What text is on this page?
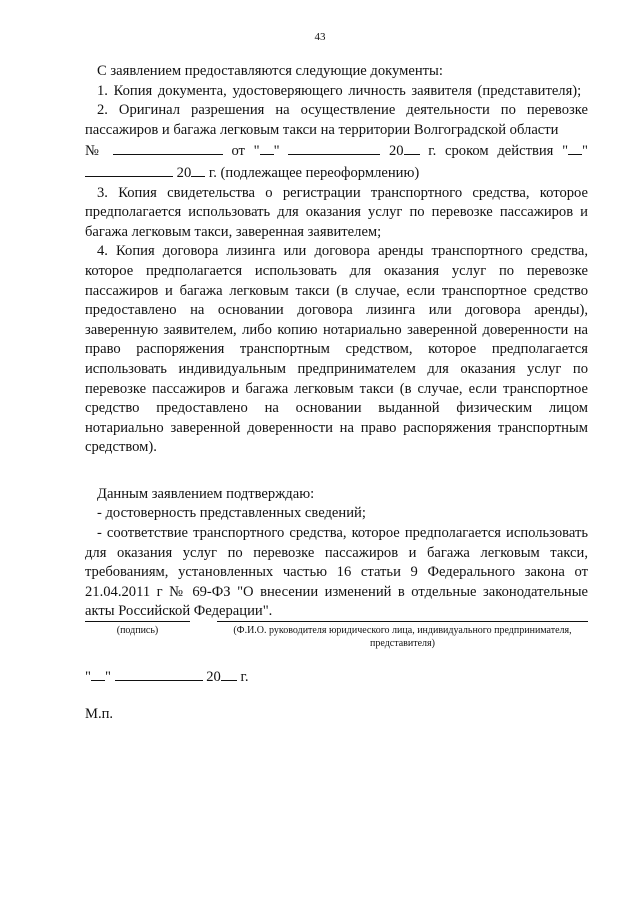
43

С заявлением предоставляются следующие документы:

1. Копия документа, удостоверяющего личность заявителя (представителя);

2. Оригинал разрешения на осуществление деятельности по перевозке пассажиров и багажа легковым такси на территории Волгоградской области

№	от " "	20 г. сроком действия " "

20 г. (подлежащее переоформлению)

3. Копия свидетельства о регистрации транспортного средства, которое предполагается использовать для оказания услуг по перевозке пассажиров и багажа легковым такси, заверенная заявителем;

4. Копия договора лизинга или договора аренды транспортного средства, которое предполагается использовать для оказания услуг по перевозке пассажиров и багажа легковым такси (в случае, если транспортное средство предоставлено на основании договора лизинга или договора аренды), заверенную заявителем, либо копию нотариально заверенной доверенности на право распоряжения транспортным средством, которое предполагается использовать индивидуальным предпринимателем для оказания услуг по перевозке пассажиров и багажа легковым такси (в случае, если транспортное средство предоставлено на основании выданной физическим лицом нотариально заверенной доверенности на право распоряжения транспортным средством).

Данным заявлением подтверждаю:

- достоверность представленных сведений;

- соответствие транспортного средства, которое предполагается использовать для оказания услуг по перевозке пассажиров и багажа легковым такси, требованиям, установленных частью 16 статьи 9 Федерального закона от 21.04.2011 г № 69-ФЗ "О внесении изменений в отдельные законодательные акты Российской Федерации".

(подпись)	(Ф.И.О. руководителя юридического лица, индивидуального предпринимателя, представителя)
" "	20 г.
М.п.
